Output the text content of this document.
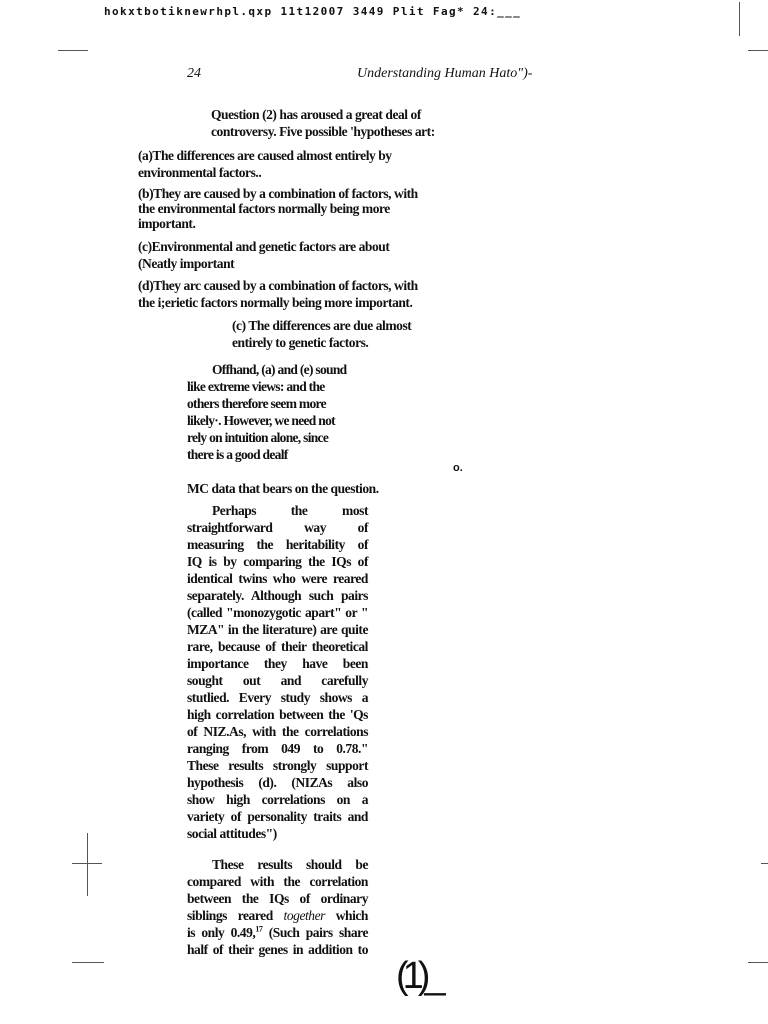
hokxtbotiknewrhpl.qxp 11t12007 3449 Plit Fag* 24:___
24	Understanding Human Hato")-
Question (2) has aroused a great deal of
controversy. Five possible 'hypotheses art:
(a)The differences are caused almost entirely by
environmental factors..
(b)They are caused by a combination of factors, with
the environmental factors normally being more
important.
(c)Environmental and genetic factors are about
(Neatly important
(d)They arc caused by a combination of factors, with
the i;erietic factors normally being more important.
(c) The differences are due almost
entirely to genetic factors.
Offhand, (a) and (e) sound
like extreme views: and the
others therefore seem more
likely·. However, we need not
rely on intuition alone, since
there is a good dealf
o.
MC data that bears on the question.
Perhaps the most
straightforward way of
measuring the heritability of
IQ is by comparing the IQs of
identical twins who were reared
separately. Although such pairs
(called "monozygotic apart" or "
MZA" in the literature) are quite
rare, because of their theoretical
importance they have been
sought out and carefully
stutlied. Every study shows a
high correlation between the 'Qs
of NIZ.As, with the correlations
ranging from 049 to 0.78."
These results strongly support
hypothesis (d). (NIZAs also
show high correlations on a
variety of personality traits and
social attitudes")
These results should be
compared with the correlation
between the IQs of ordinary
siblings reared together which
is only 0.49,17 (Such pairs share
half of their genes in addition to
(1)_
